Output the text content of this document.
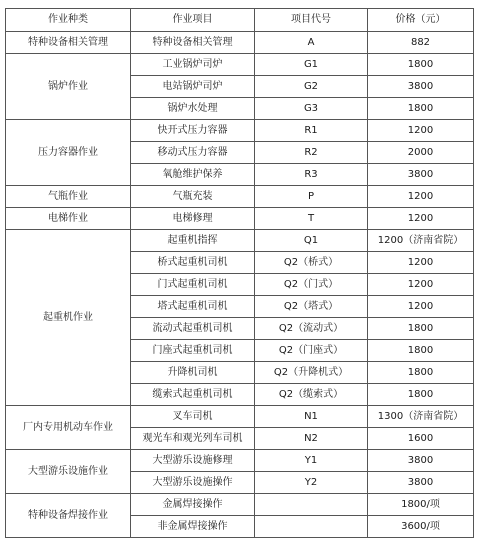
作业种类	作业项目	项目代号	价格（元）
特种设备相关管理	特种设备相关管理	A	882
锅炉作业	工业锅炉司炉	G1	1800
	电站锅炉司炉	G2	3800
	锅炉水处理	G3	1800
压力容器作业	快开式压力容器	R1	1200
	移动式压力容器	R2	2000
	氧舱维护保养	R3	3800
气瓶作业	气瓶充装	P	1200
电梯作业	电梯修理	T	1200
起重机作业	起重机指挥	Q1	1200（济南省院）
	桥式起重机司机	Q2（桥式）	1200
	门式起重机司机	Q2（门式）	1200
	塔式起重机司机	Q2（塔式）	1200
	流动式起重机司机	Q2（流动式）	1800
	门座式起重机司机	Q2（门座式）	1800
	升降机司机	Q2（升降机式）	1800
	缆索式起重机司机	Q2（缆索式）	1800
厂内专用机动车作业	叉车司机	N1	1300（济南省院）
	观光车和观光列车司机	N2	1600
大型游乐设施作业	大型游乐设施修理	Y1	3800
	大型游乐设施操作	Y2	3800
特种设备焊接作业	金属焊接操作		1800/项
	非金属焊接操作		3600/项
